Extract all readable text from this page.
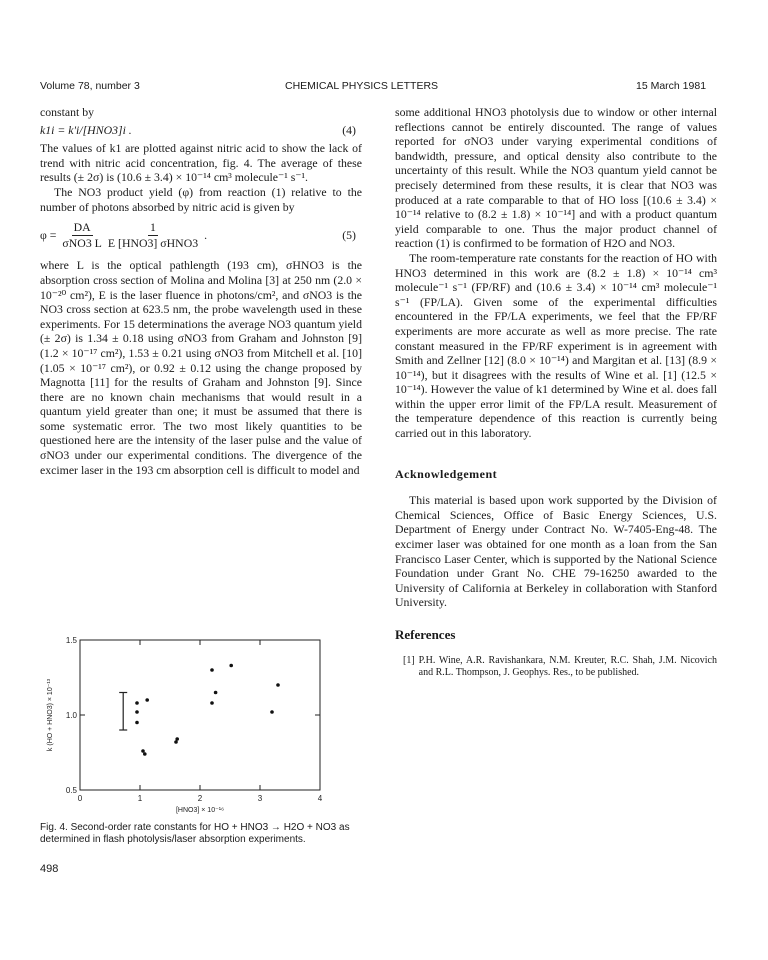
Volume 78, number 3	CHEMICAL PHYSICS LETTERS	15 March 1981

constant by

k1i = k'i/[HNO3]i .	(4)

The values of k1 are plotted against nitric acid to show the lack of trend with nitric acid concentration, fig. 4. The average of these results (± 2σ) is (10.6 ± 3.4) × 10⁻¹⁴ cm³ molecule⁻¹ s⁻¹.

The NO3 product yield (φ) from reaction (1) relative to the number of photons absorbed by nitric acid is given by

$\varphi = \frac{DA}{\text{σNO3 L}} \frac{1}{\text{E [HNO3] σHNO3}}$ .	(5)

where L is the optical pathlength (193 cm), σHNO3 is the absorption cross section of Molina and Molina [3] at 250 nm (2.0 × 10⁻²⁰ cm²), E is the laser fluence in photons/cm², and σNO3 is the NO3 cross section at 623.5 nm, the probe wavelength used in these experiments. For 15 determinations the average NO3 quantum yield (± 2σ) is 1.34 ± 0.18 using σNO3 from Graham and Johnston [9] (1.2 × 10⁻¹⁷ cm²), 1.53 ± 0.21 using σNO3 from Mitchell et al. [10] (1.05 × 10⁻¹⁷ cm²), or 0.92 ± 0.12 using the change proposed by Magnotta [11] for the results of Graham and Johnston [9]. Since there are no known chain mechanisms that would result in a quantum yield greater than one; it must be assumed that there is some systematic error. The two most likely quantities to be questioned here are the intensity of the laser pulse and the value of σNO3 under our experimental conditions. The divergence of the excimer laser in the 193 cm absorption cell is difficult to model and

0	1	2	3	4
0.5
1.0
1.5
[HNO3] × 10⁻¹⁶
k (HO + HNO3) × 10⁻¹³
Fig. 4. Second-order rate constants for HO + HNO3 → H2O + NO3 as determined in flash photolysis/laser absorption experiments.
498

some additional HNO3 photolysis due to window or other internal reflections cannot be entirely discounted. The range of values reported for σNO3 under varying experimental conditions of bandwidth, pressure, and optical density also contribute to the uncertainty of this result. While the NO3 quantum yield cannot be precisely determined from these results, it is clear that NO3 was produced at a rate comparable to that of HO loss [(10.6 ± 3.4) × 10⁻¹⁴ relative to (8.2 ± 1.8) × 10⁻¹⁴] and with a product quantum yield comparable to one. Thus the major product channel of reaction (1) is confirmed to be formation of H2O and NO3.

The room-temperature rate constants for the reaction of HO with HNO3 determined in this work are (8.2 ± 1.8) × 10⁻¹⁴ cm³ molecule⁻¹ s⁻¹ (FP/RF) and (10.6 ± 3.4) × 10⁻¹⁴ cm³ molecule⁻¹ s⁻¹ (FP/LA). Given some of the experimental difficulties encountered in the FP/LA experiments, we feel that the FP/RF experiments are more accurate as well as more precise. The rate constant measured in the FP/RF experiment is in agreement with Smith and Zellner [12] (8.0 × 10⁻¹⁴) and Margitan et al. [13] (8.9 × 10⁻¹⁴), but it disagrees with the results of Wine et al. [1] (12.5 × 10⁻¹⁴). However the value of k1 determined by Wine et al. does fall within the upper error limit of the FP/LA result. Measurement of the temperature dependence of this reaction is currently being carried out in this laboratory.

Acknowledgement

This material is based upon work supported by the Division of Chemical Sciences, Office of Basic Energy Sciences, U.S. Department of Energy under Contract No. W-7405-Eng-48. The excimer laser was obtained for one month as a loan from the San Francisco Laser Center, which is supported by the National Science Foundation under Grant No. CHE 79-16250 awarded to the University of California at Berkeley in collaboration with Stanford University.

References
[1] P.H. Wine, A.R. Ravishankara, N.M. Kreuter, R.C. Shah, J.M. Nicovich and R.L. Thompson, J. Geophys. Res., to be published.
